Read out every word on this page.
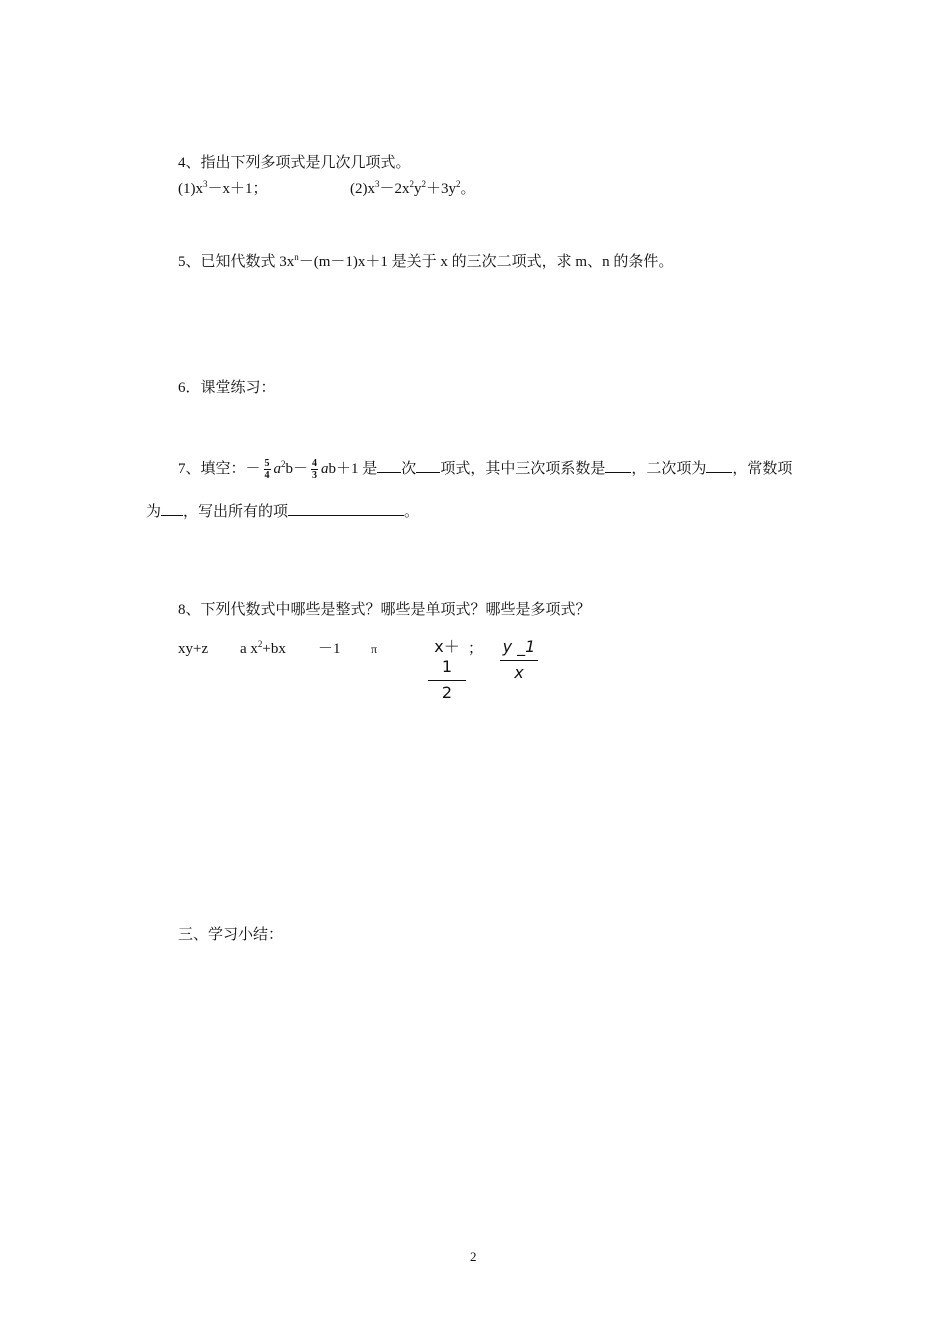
4、指出下列多项式是几次几项式。
$(1)x^3-x+1$；	$(2)x^3-2x^2y^2+3y^2$。
5、已知代数式 $3x^n-(m-1)x+1$ 是关于 x 的三次二项式，求 m、n 的条件。
6．课堂练习：
7、填空：－ $\frac{5}{4} a^2b- \frac{4}{3} ab+1$ 是 次 项式，其中三次项系数是 ，二次项为 ，常数项
为 ，写出所有的项	。
8、下列代数式中哪些是整式？哪些是单项式？哪些是多项式？
xy+z a $x^2+bx -1$	π	$\frac{x+1}{2}$ ； $\frac{y \_1}{x}$
三、学习小结：
2
